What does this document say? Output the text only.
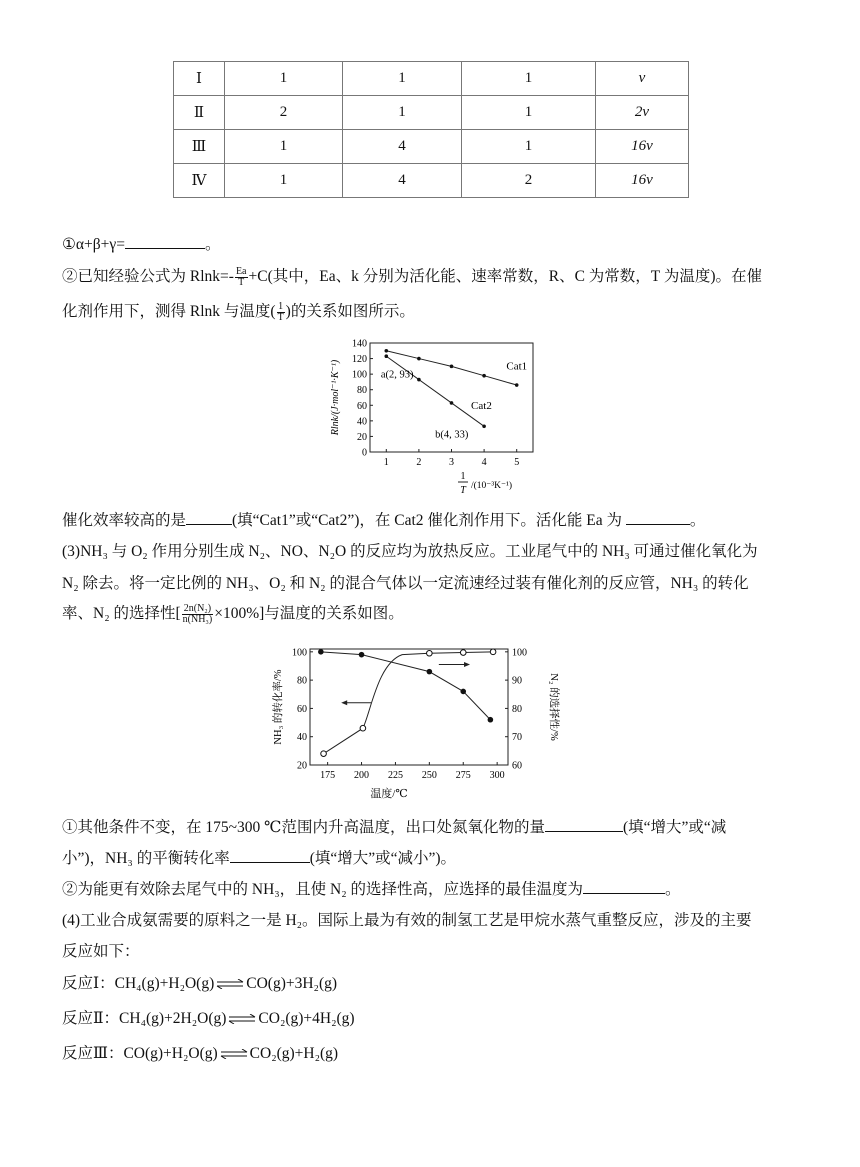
Ⅰ	1	1	1	v
Ⅱ	2	1	1	2v
Ⅲ	1	4	1	16v
Ⅳ	1	4	2	16v
①α+β+γ=	。
②已知经验公式为 $Rlnk=- \frac{Ea}{T} +C$(其中，Ea、k 分别为活化能、速率常数，R、C 为常数，T 为温度)。在催
化剂作用下，测得 Rlnk 与温度( $\frac{1}{T}$ )的关系如图所示。
0
20
40
60
80
100
120
140
1	2	3	4	5
Cat1
Cat2
a(2, 93)
b(4, 33)
Rlnk/(J·mol⁻¹·K⁻¹)
1
T /(10⁻³K⁻¹)
催化效率较高的是	(填“Cat1”或“Cat2”)，在 Cat2 催化剂作用下。活化能 Ea 为	。
(3)NH₃ 与 O₂ 作用分别生成 N₂、NO、N₂O 的反应均为放热反应。工业尾气中的 NH₃ 可通过催化氧化为
N₂ 除去。将一定比例的 NH₃、O₂ 和 N₂ 的混合气体以一定流速经过装有催化剂的反应管，NH₃ 的转化
率、N₂ 的选择性[ $\frac{\text{2n(N₂)}}{\text{n(NH₃)}} \times 100\%$]与温度的关系如图。
20
40
60
80
100
60
70
80
90
100
175 200 225 250 275 300
NH₃ 的转化率/%	N₂ 的选择性/%
温度/℃
①其他条件不变，在 175~300 ℃范围内升高温度，出口处氮氧化物的量	(填“增大”或“减
小”)，NH₃ 的平衡转化率	(填“增大”或“减小”)。
②为能更有效除去尾气中的 NH₃，且使 N₂ 的选择性高，应选择的最佳温度为	。
(4)工业合成氨需要的原料之一是 H₂。国际上最为有效的制氢工艺是甲烷水蒸气重整反应，涉及的主要
反应如下：
反应Ⅰ：CH₄(g)+H₂O(g) ⇌ CO(g)+3H₂(g)
反应Ⅱ：CH₄(g)+2H₂O(g) ⇌ CO₂(g)+4H₂(g)
反应Ⅲ：CO(g)+H₂O(g) ⇌ CO₂(g)+H₂(g)
